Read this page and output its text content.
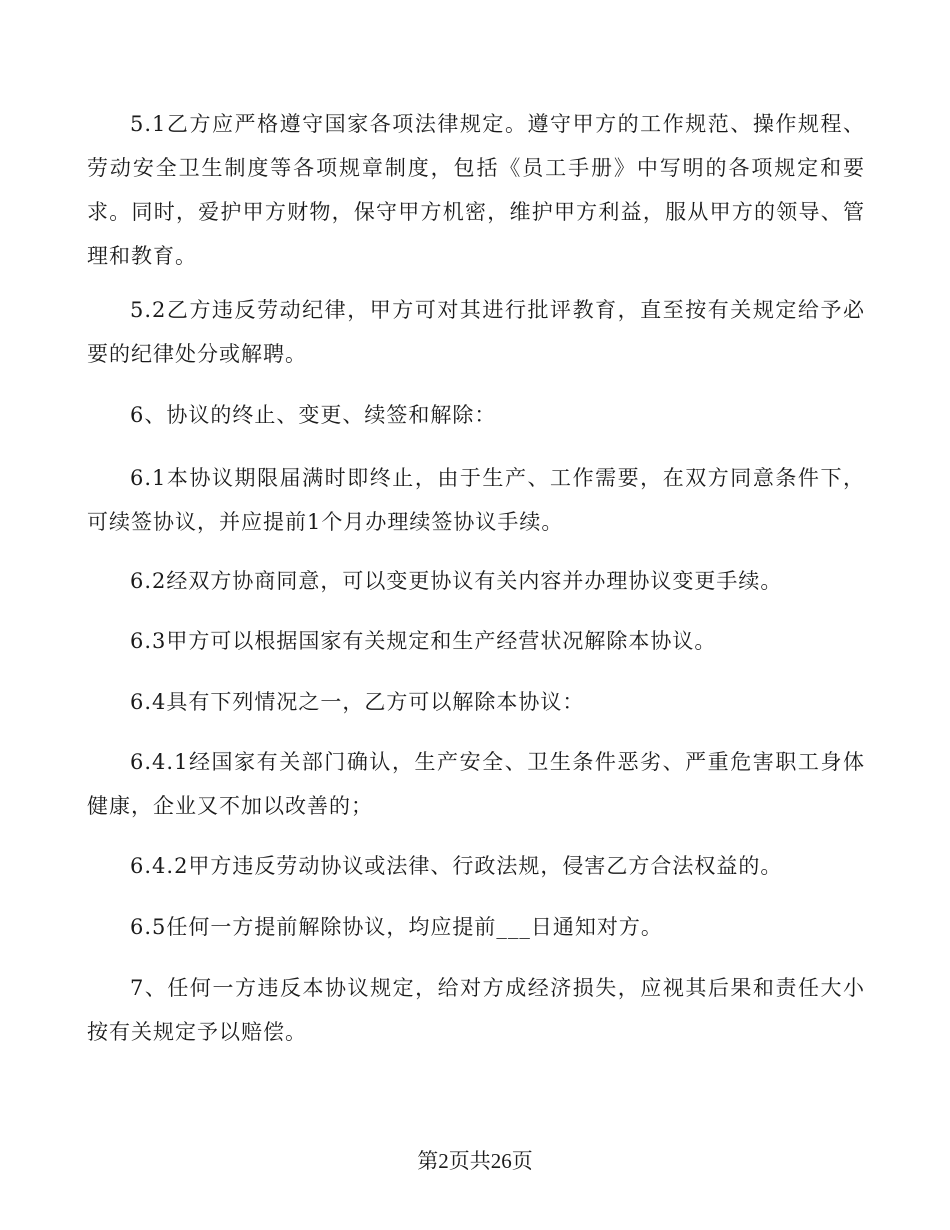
5.1乙方应严格遵守国家各项法律规定。遵守甲方的工作规范、操作规程、劳动安全卫生制度等各项规章制度，包括《员工手册》中写明的各项规定和要求。同时，爱护甲方财物，保守甲方机密，维护甲方利益，服从甲方的领导、管理和教育。

5.2乙方违反劳动纪律，甲方可对其进行批评教育，直至按有关规定给予必要的纪律处分或解聘。

6、协议的终止、变更、续签和解除：

6.1本协议期限届满时即终止，由于生产、工作需要，在双方同意条件下，可续签协议，并应提前1个月办理续签协议手续。

6.2经双方协商同意，可以变更协议有关内容并办理协议变更手续。

6.3甲方可以根据国家有关规定和生产经营状况解除本协议。

6.4具有下列情况之一，乙方可以解除本协议：

6.4.1经国家有关部门确认，生产安全、卫生条件恶劣、严重危害职工身体健康，企业又不加以改善的；

6.4.2甲方违反劳动协议或法律、行政法规，侵害乙方合法权益的。

6.5任何一方提前解除协议，均应提前___日通知对方。

7、任何一方违反本协议规定，给对方成经济损失，应视其后果和责任大小按有关规定予以赔偿。

第2页共26页
